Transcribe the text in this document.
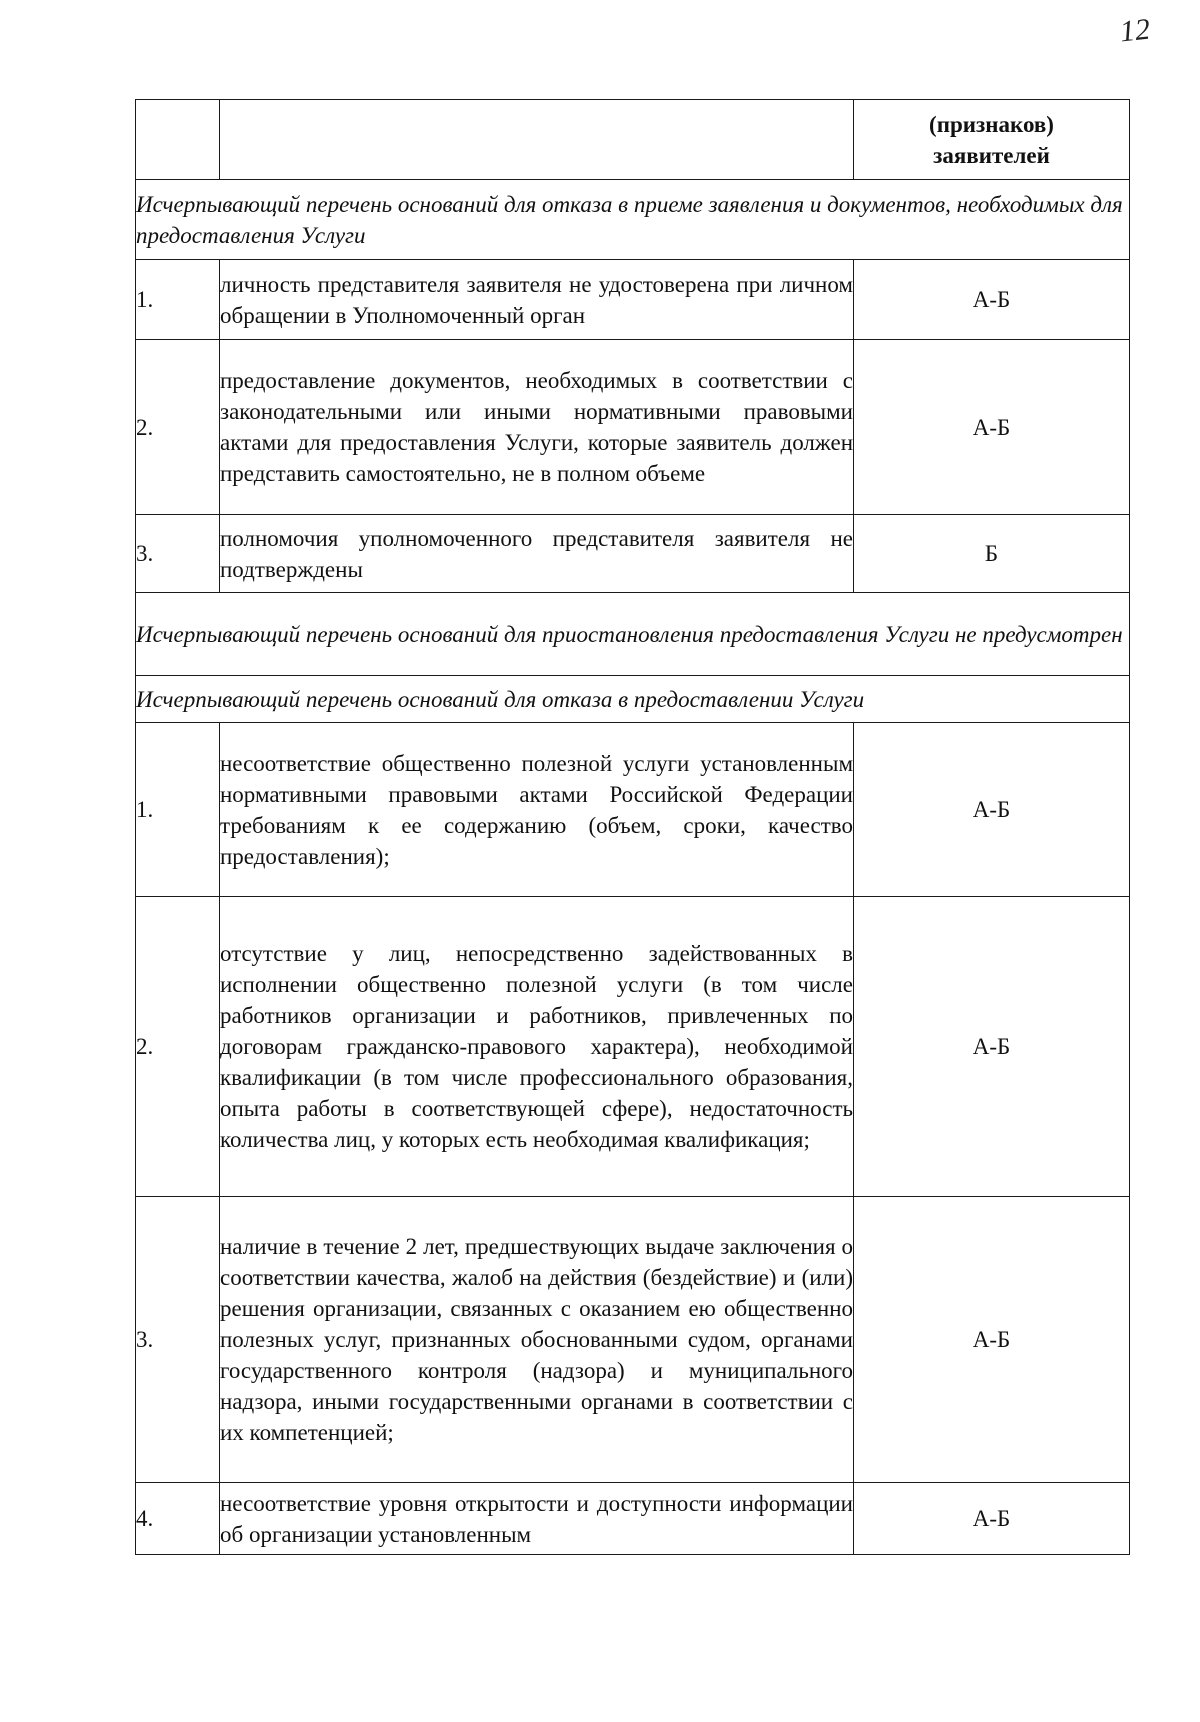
12

		(признаков)
заявителей

Исчерпывающий перечень оснований для отказа в приеме заявления и документов, необходимых для предоставления Услуги		
1.	личность представителя заявителя не удостоверена при личном обращении в Уполномоченный орган	А-Б
2.	предоставление документов, необходимых в соответствии с законодательными или иными нормативными правовыми актами для предоставления Услуги, которые заявитель должен представить самостоятельно, не в полном объеме	А-Б
3.	полномочия уполномоченного представителя заявителя не подтверждены	Б
Исчерпывающий перечень оснований для приостановления предоставления Услуги не предусмотрен		
Исчерпывающий перечень оснований для отказа в предоставлении Услуги		
1.	несоответствие общественно полезной услуги установленным нормативными правовыми актами Российской Федерации требованиям к ее содержанию (объем, сроки, качество предоставления);	А-Б
2.	отсутствие у лиц, непосредственно задействованных в исполнении общественно полезной услуги (в том числе работников организации и работников, привлеченных по договорам гражданско-правового характера), необходимой квалификации (в том числе профессионального образования, опыта работы в соответствующей сфере), недостаточность количества лиц, у которых есть необходимая квалификация;	А-Б
3.	наличие в течение 2 лет, предшествующих выдаче заключения о соответствии качества, жалоб на действия (бездействие) и (или) решения организации, связанных с оказанием ею общественно полезных услуг, признанных обоснованными судом, органами государственного контроля (надзора) и муниципального надзора, иными государственными органами в соответствии с их компетенцией;	А-Б
4.	несоответствие уровня открытости и доступности информации об организации установленным	А-Б
